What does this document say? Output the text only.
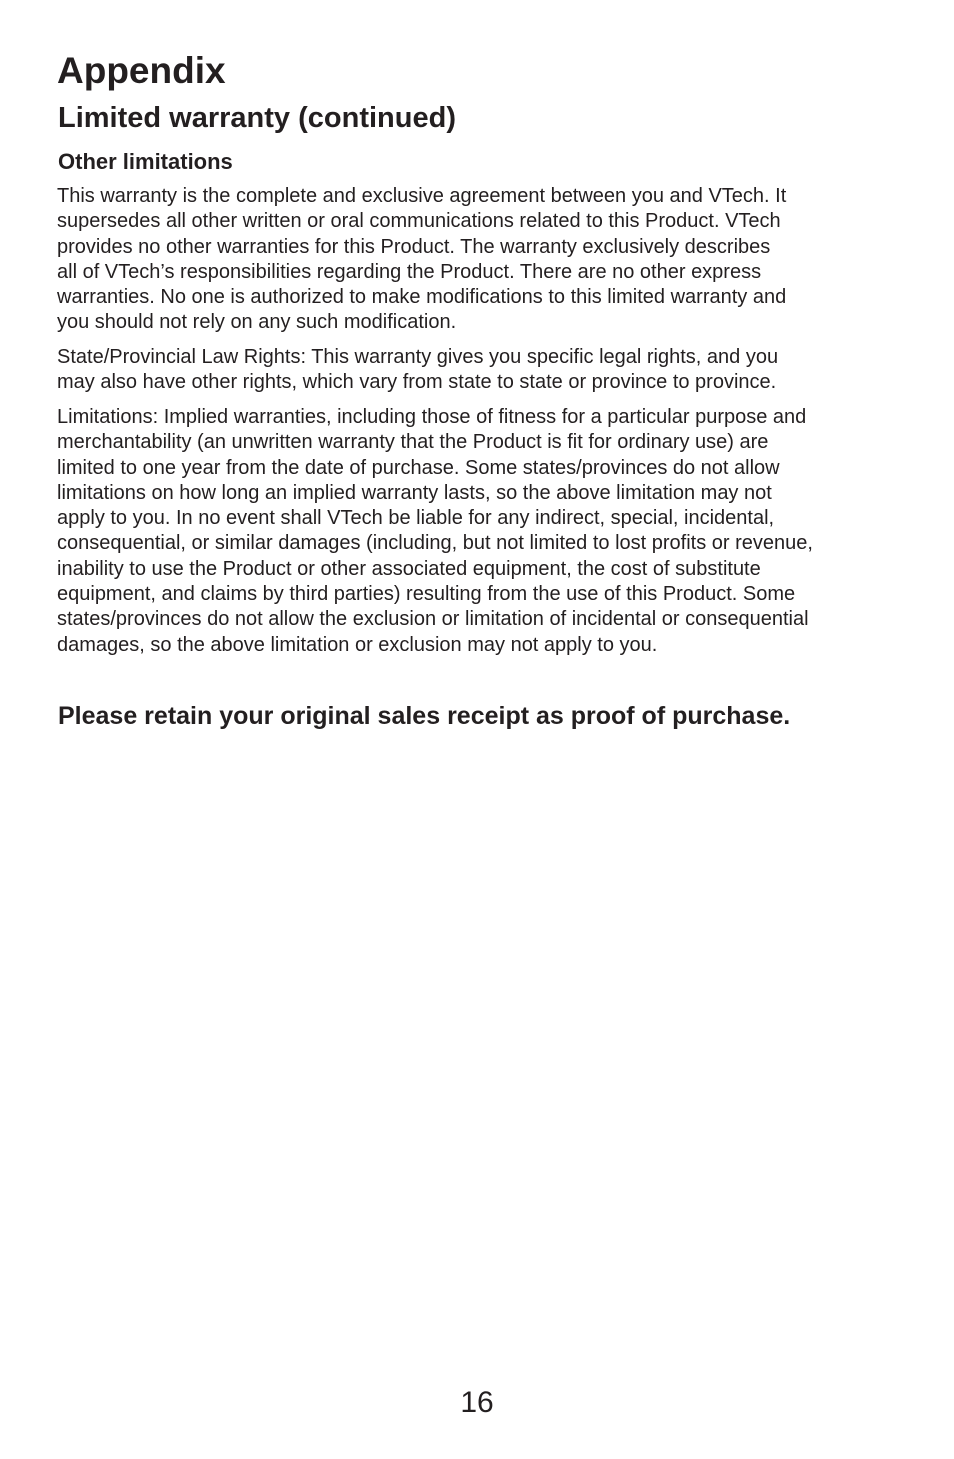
Appendix
Limited warranty (continued)
Other limitations

This warranty is the complete and exclusive agreement between you and VTech. It
supersedes all other written or oral communications related to this Product. VTech
provides no other warranties for this Product. The warranty exclusively describes
all of VTech’s responsibilities regarding the Product. There are no other express
warranties. No one is authorized to make modifications to this limited warranty and
you should not rely on any such modification.

State/Provincial Law Rights: This warranty gives you specific legal rights, and you
may also have other rights, which vary from state to state or province to province.

Limitations: Implied warranties, including those of fitness for a particular purpose and
merchantability (an unwritten warranty that the Product is fit for ordinary use) are
limited to one year from the date of purchase. Some states/provinces do not allow
limitations on how long an implied warranty lasts, so the above limitation may not
apply to you. In no event shall VTech be liable for any indirect, special, incidental,
consequential, or similar damages (including, but not limited to lost profits or revenue,
inability to use the Product or other associated equipment, the cost of substitute
equipment, and claims by third parties) resulting from the use of this Product. Some
states/provinces do not allow the exclusion or limitation of incidental or consequential
damages, so the above limitation or exclusion may not apply to you.

Please retain your original sales receipt as proof of purchase.

16
